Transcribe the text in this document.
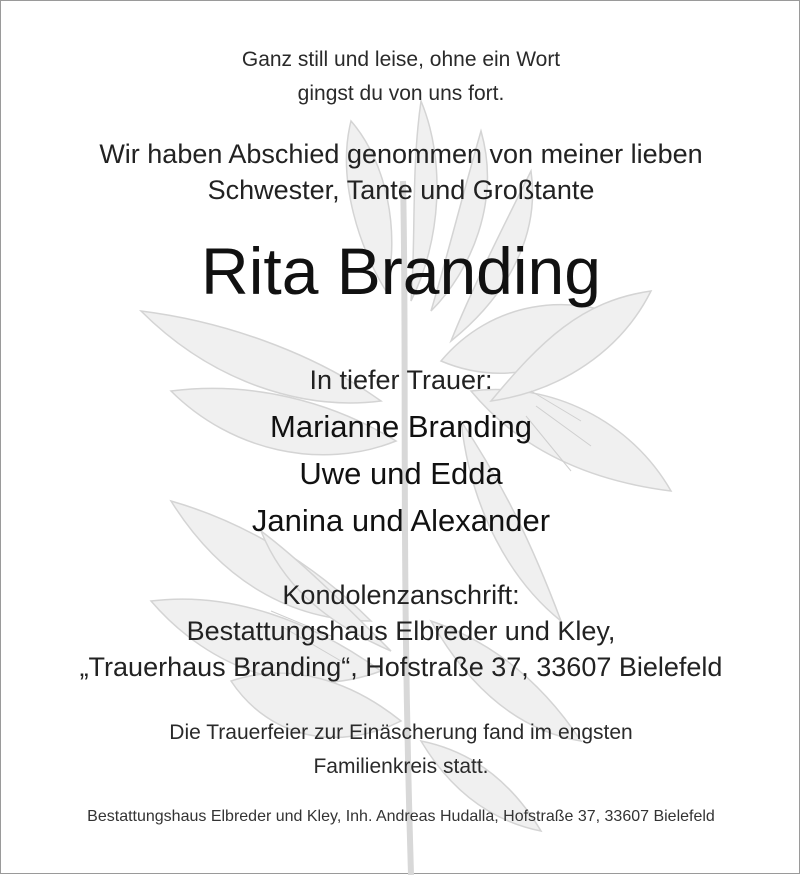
Ganz still und leise, ohne ein Wort
gingst du von uns fort.
Wir haben Abschied genommen von meiner lieben
Schwester, Tante und Großtante
Rita Branding
In tiefer Trauer:
Marianne Branding
Uwe und Edda
Janina und Alexander
Kondolenzanschrift:
Bestattungshaus Elbreder und Kley,
„Trauerhaus Branding“, Hofstraße 37, 33607 Bielefeld
Die Trauerfeier zur Einäscherung fand im engsten
Familienkreis statt.
Bestattungshaus Elbreder und Kley, Inh. Andreas Hudalla, Hofstraße 37, 33607 Bielefeld
